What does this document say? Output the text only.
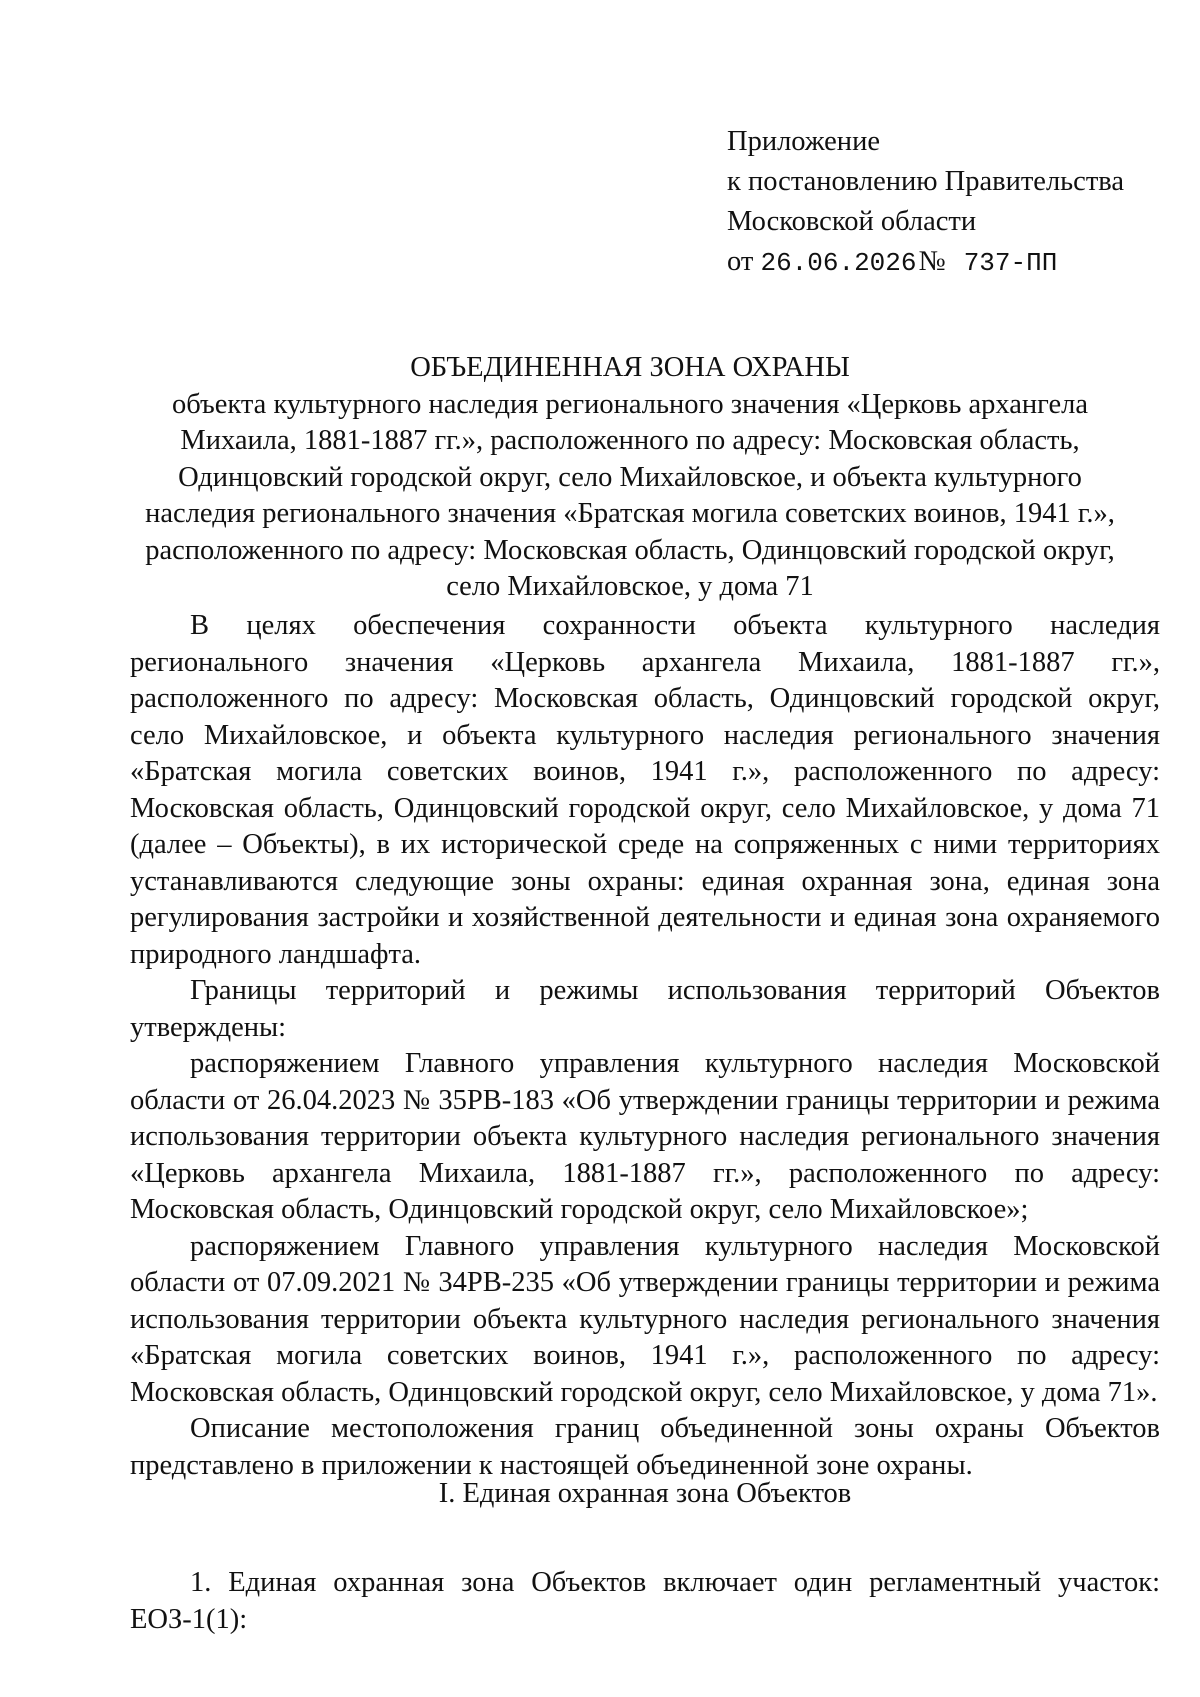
Приложение
к постановлению Правительства
Московской области
от 26.06.2026№ 737-ПП
ОБЪЕДИНЕННАЯ ЗОНА ОХРАНЫ
объекта культурного наследия регионального значения «Церковь архангела
Михаила, 1881-1887 гг.», расположенного по адресу: Московская область,
Одинцовский городской округ, село Михайловское, и объекта культурного
наследия регионального значения «Братская могила советских воинов, 1941 г.»,
расположенного по адресу: Московская область, Одинцовский городской округ,
село Михайловское, у дома 71

В целях обеспечения сохранности объекта культурного наследия регионального значения «Церковь архангела Михаила, 1881-1887 гг.», расположенного по адресу: Московская область, Одинцовский городской округ, село Михайловское, и объекта культурного наследия регионального значения «Братская могила советских воинов, 1941 г.», расположенного по адресу: Московская область, Одинцовский городской округ, село Михайловское, у дома 71 (далее – Объекты), в их исторической среде на сопряженных с ними территориях устанавливаются следующие зоны охраны: единая охранная зона, единая зона регулирования застройки и хозяйственной деятельности и единая зона охраняемого природного ландшафта.

Границы территорий и режимы использования территорий Объектов утверждены:

распоряжением Главного управления культурного наследия Московской области от 26.04.2023 № 35РВ-183 «Об утверждении границы территории и режима использования территории объекта культурного наследия регионального значения «Церковь архангела Михаила, 1881-1887 гг.», расположенного по адресу: Московская область, Одинцовский городской округ, село Михайловское»;

распоряжением Главного управления культурного наследия Московской области от 07.09.2021 № 34РВ-235 «Об утверждении границы территории и режима использования территории объекта культурного наследия регионального значения «Братская могила советских воинов, 1941 г.», расположенного по адресу: Московская область, Одинцовский городской округ, село Михайловское, у дома 71».

Описание местоположения границ объединенной зоны охраны Объектов представлено в приложении к настоящей объединенной зоне охраны.

I. Единая охранная зона Объектов

1. Единая охранная зона Объектов включает один регламентный участок: ЕОЗ-1(1):
